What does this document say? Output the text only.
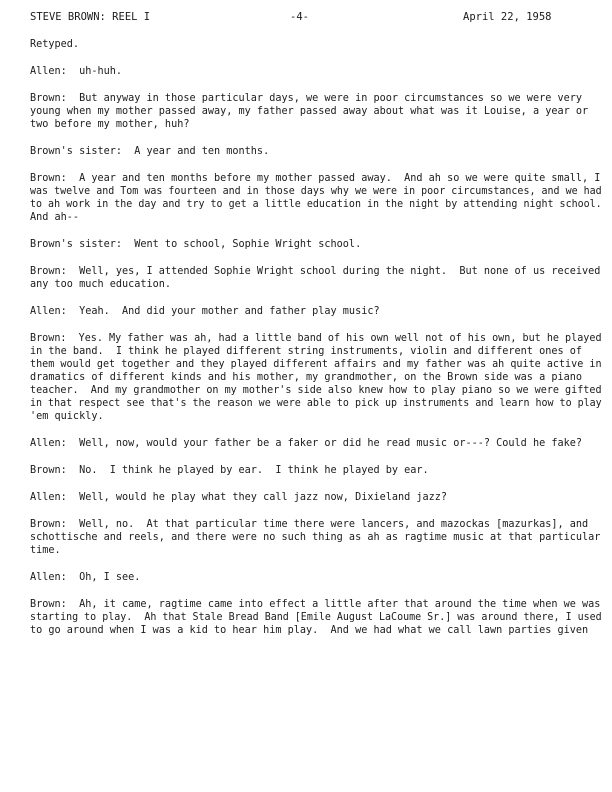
STEVE BROWN: REEL I	-4-	April 22, 1958
Retyped.
Allen:  uh-huh.
Brown:  But anyway in those particular days, we were in poor circumstances so we were very
young when my mother passed away, my father passed away about what was it Louise, a year or
two before my mother, huh?
Brown's sister:  A year and ten months.
Brown:  A year and ten months before my mother passed away.  And ah so we were quite small, I
was twelve and Tom was fourteen and in those days why we were in poor circumstances, and we had
to ah work in the day and try to get a little education in the night by attending night school.
And ah--
Brown's sister:  Went to school, Sophie Wright school.
Brown:  Well, yes, I attended Sophie Wright school during the night.  But none of us received
any too much education.
Allen:  Yeah.  And did your mother and father play music?
Brown:  Yes. My father was ah, had a little band of his own well not of his own, but he played
in the band.  I think he played different string instruments, violin and different ones of
them would get together and they played different affairs and my father was ah quite active in
dramatics of different kinds and his mother, my grandmother, on the Brown side was a piano
teacher.  And my grandmother on my mother's side also knew how to play piano so we were gifted
in that respect see that's the reason we were able to pick up instruments and learn how to play
'em quickly.
Allen:  Well, now, would your father be a faker or did he read music or---? Could he fake?
Brown:  No.  I think he played by ear.  I think he played by ear.
Allen:  Well, would he play what they call jazz now, Dixieland jazz?
Brown:  Well, no.  At that particular time there were lancers, and mazockas [mazurkas], and
schottische and reels, and there were no such thing as ah as ragtime music at that particular
time.
Allen:  Oh, I see.
Brown:  Ah, it came, ragtime came into effect a little after that around the time when we was
starting to play.  Ah that Stale Bread Band [Emile August LaCoume Sr.] was around there, I used
to go around when I was a kid to hear him play.  And we had what we call lawn parties given
